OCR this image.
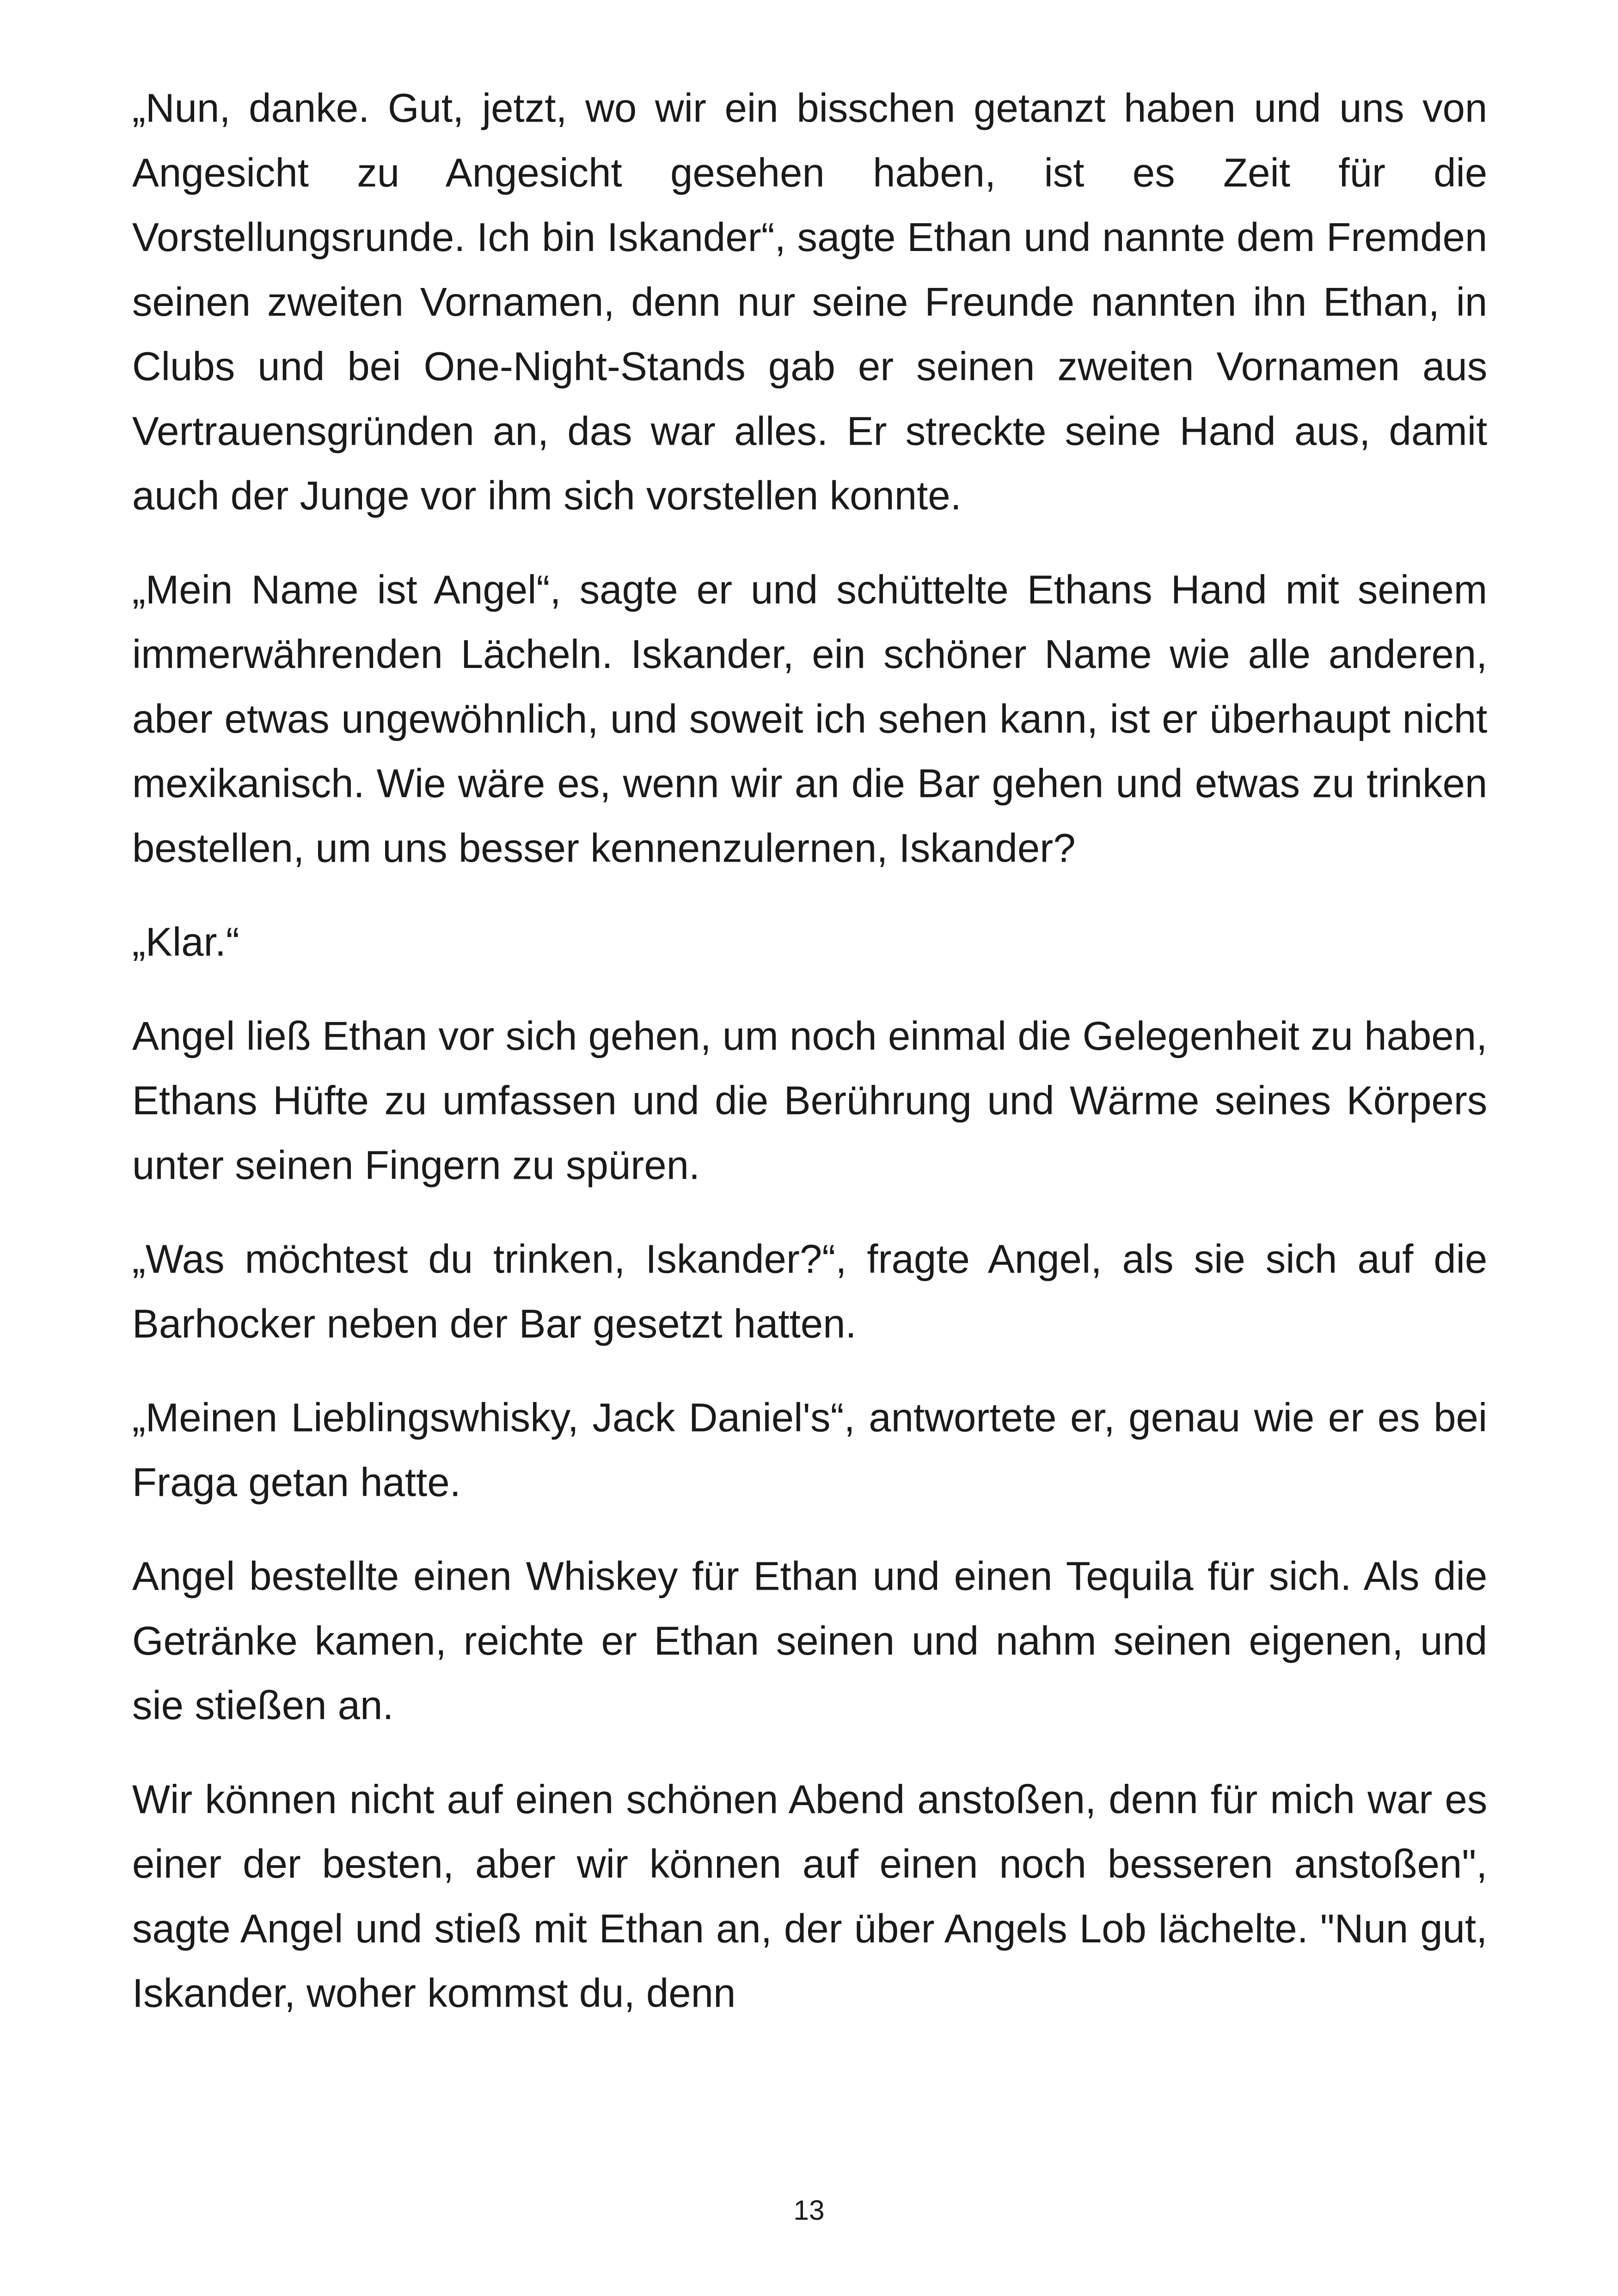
„Nun, danke. Gut, jetzt, wo wir ein bisschen getanzt haben und uns von Angesicht zu Angesicht gesehen haben, ist es Zeit für die Vorstellungsrunde. Ich bin Iskander“, sagte Ethan und nannte dem Fremden seinen zweiten Vornamen, denn nur seine Freunde nannten ihn Ethan, in Clubs und bei One-Night-Stands gab er seinen zweiten Vornamen aus Vertrauensgründen an, das war alles. Er streckte seine Hand aus, damit auch der Junge vor ihm sich vorstellen konnte.

„Mein Name ist Angel“, sagte er und schüttelte Ethans Hand mit seinem immerwährenden Lächeln. Iskander, ein schöner Name wie alle anderen, aber etwas ungewöhnlich, und soweit ich sehen kann, ist er überhaupt nicht mexikanisch. Wie wäre es, wenn wir an die Bar gehen und etwas zu trinken bestellen, um uns besser kennenzulernen, Iskander?

„Klar.“

Angel ließ Ethan vor sich gehen, um noch einmal die Gelegenheit zu haben, Ethans Hüfte zu umfassen und die Berührung und Wärme seines Körpers unter seinen Fingern zu spüren.

„Was möchtest du trinken, Iskander?“, fragte Angel, als sie sich auf die Barhocker neben der Bar gesetzt hatten.

„Meinen Lieblingswhisky, Jack Daniel's“, antwortete er, genau wie er es bei Fraga getan hatte.

Angel bestellte einen Whiskey für Ethan und einen Tequila für sich. Als die Getränke kamen, reichte er Ethan seinen und nahm seinen eigenen, und sie stießen an.

Wir können nicht auf einen schönen Abend anstoßen, denn für mich war es einer der besten, aber wir können auf einen noch besseren anstoßen", sagte Angel und stieß mit Ethan an, der über Angels Lob lächelte. "Nun gut, Iskander, woher kommst du, denn

13
